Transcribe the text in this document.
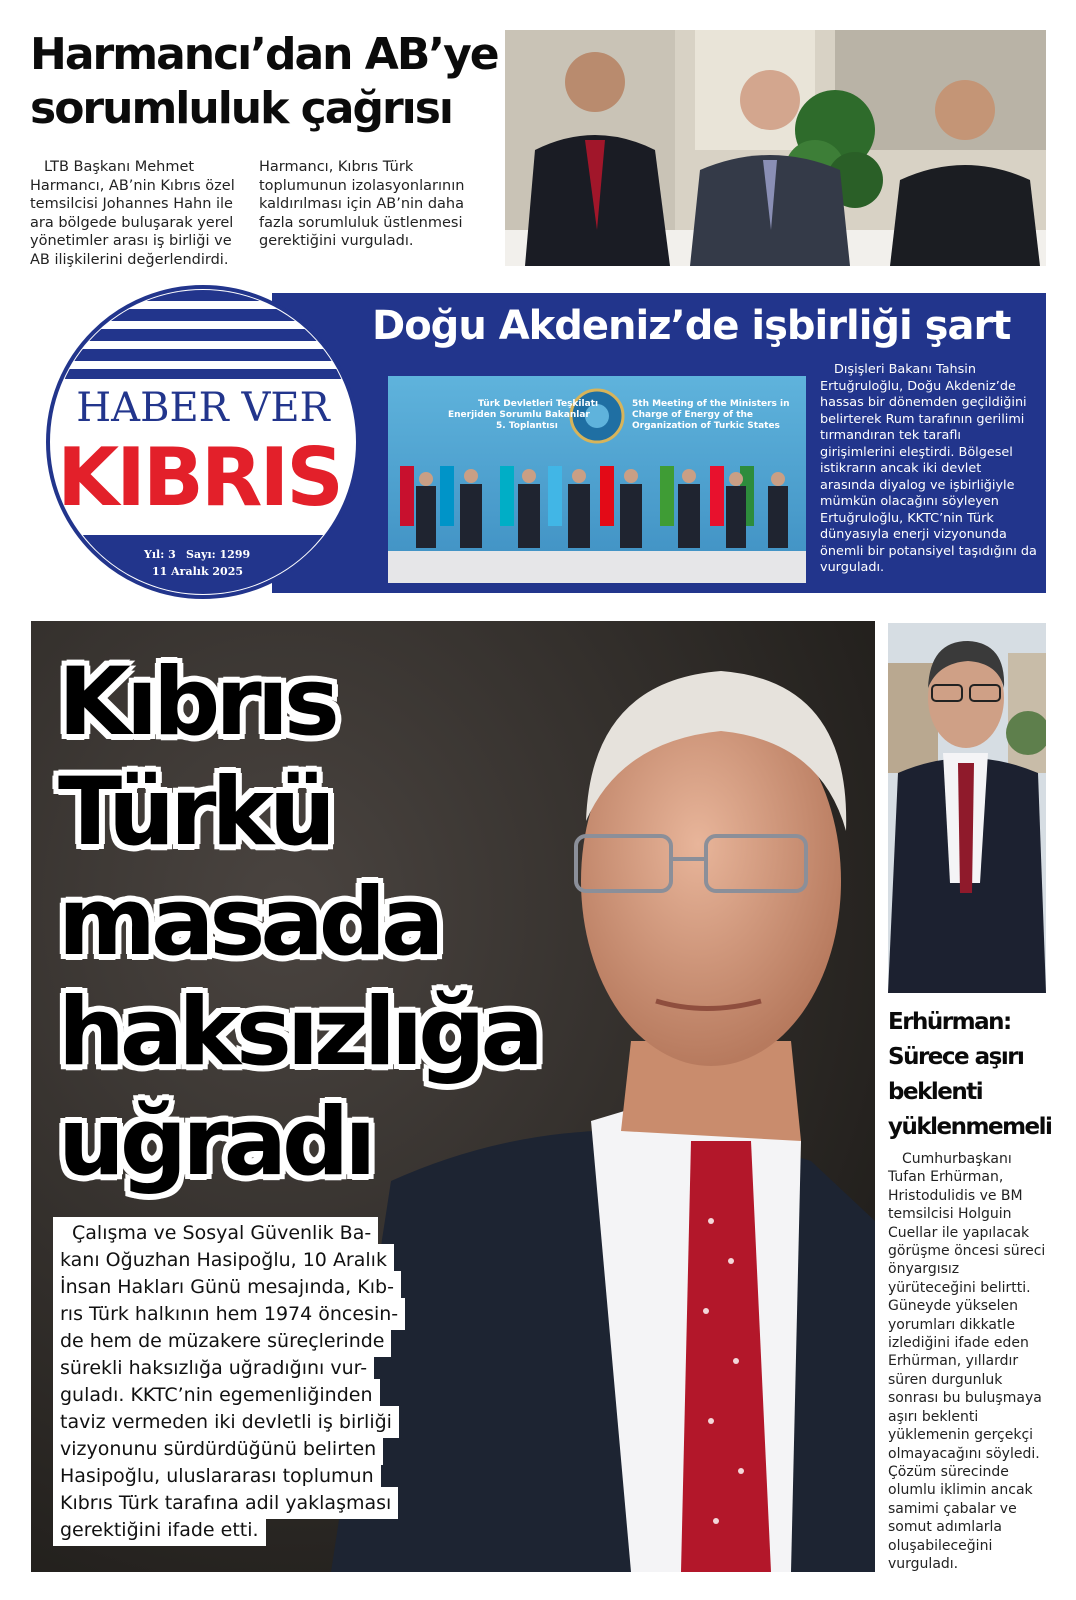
Harmancı’dan AB’ye
sorumluluk çağrısı
LTB Başkanı Mehmet Harmancı, AB’nin Kıbrıs özel temsilcisi Johannes Hahn ile ara bölgede buluşarak yerel yönetimler arası iş birliği ve AB ilişkilerini değerlendirdi. Harmancı, Kıbrıs Türk toplumunun izolasyonlarının kaldırılması için AB’nin daha fazla sorumluluk üstlenmesi gerektiğini vurguladı.
Doğu Akdeniz’de işbirliği şart
Türk Devletleri Teşkilatı
Enerjiden Sorumlu Bakanlar
5. Toplantısı
5th Meeting of the Ministers in
Charge of Energy of the
Organization of Turkic States
Dışişleri Bakanı Tahsin Ertuğruloğlu, Doğu Akdeniz’de hassas bir dönemden geçildiğini belirterek Rum tarafının gerilimi tırmandıran tek taraflı girişimlerini eleştirdi. Bölgesel istikrarın ancak iki devlet arasında diyalog ve işbirliğiyle mümkün olacağını söyleyen Ertuğruloğlu, KKTC’nin Türk dünyasıyla enerji vizyonunda önemli bir potansiyel taşıdığını da vurguladı.
HABER VER
KIBRIS
Yıl: 3 Sayı: 1299
11 Aralık 2025
Kıbrıs
Türkü
masada
haksızlığa
uğradı
Çalışma ve Sosyal Güvenlik Ba-
kanı Oğuzhan Hasipoğlu, 10 Aralık
İnsan Hakları Günü mesajında, Kıb-
rıs Türk halkının hem 1974 öncesin-
de hem de müzakere süreçlerinde
sürekli haksızlığa uğradığını vur-
guladı. KKTC’nin egemenliğinden
taviz vermeden iki devletli iş birliği
vizyonunu sürdürdüğünü belirten
Hasipoğlu, uluslararası toplumun
Kıbrıs Türk tarafına adil yaklaşması
gerektiğini ifade etti.
Erhürman:
Sürece aşırı
beklenti
yüklenmemeli
Cumhurbaşkanı Tufan Erhürman, Hristodulidis ve BM temsilcisi Holguin Cuellar ile yapılacak görüşme öncesi süreci önyargısız yürüteceğini belirtti. Güneyde yükselen yorumları dikkatle izlediğini ifade eden Erhürman, yıllardır süren durgunluk sonrası bu buluşmaya aşırı beklenti yüklemenin gerçekçi olmayacağını söyledi. Çözüm sürecinde olumlu iklimin ancak samimi çabalar ve somut adımlarla oluşabileceğini vurguladı.
